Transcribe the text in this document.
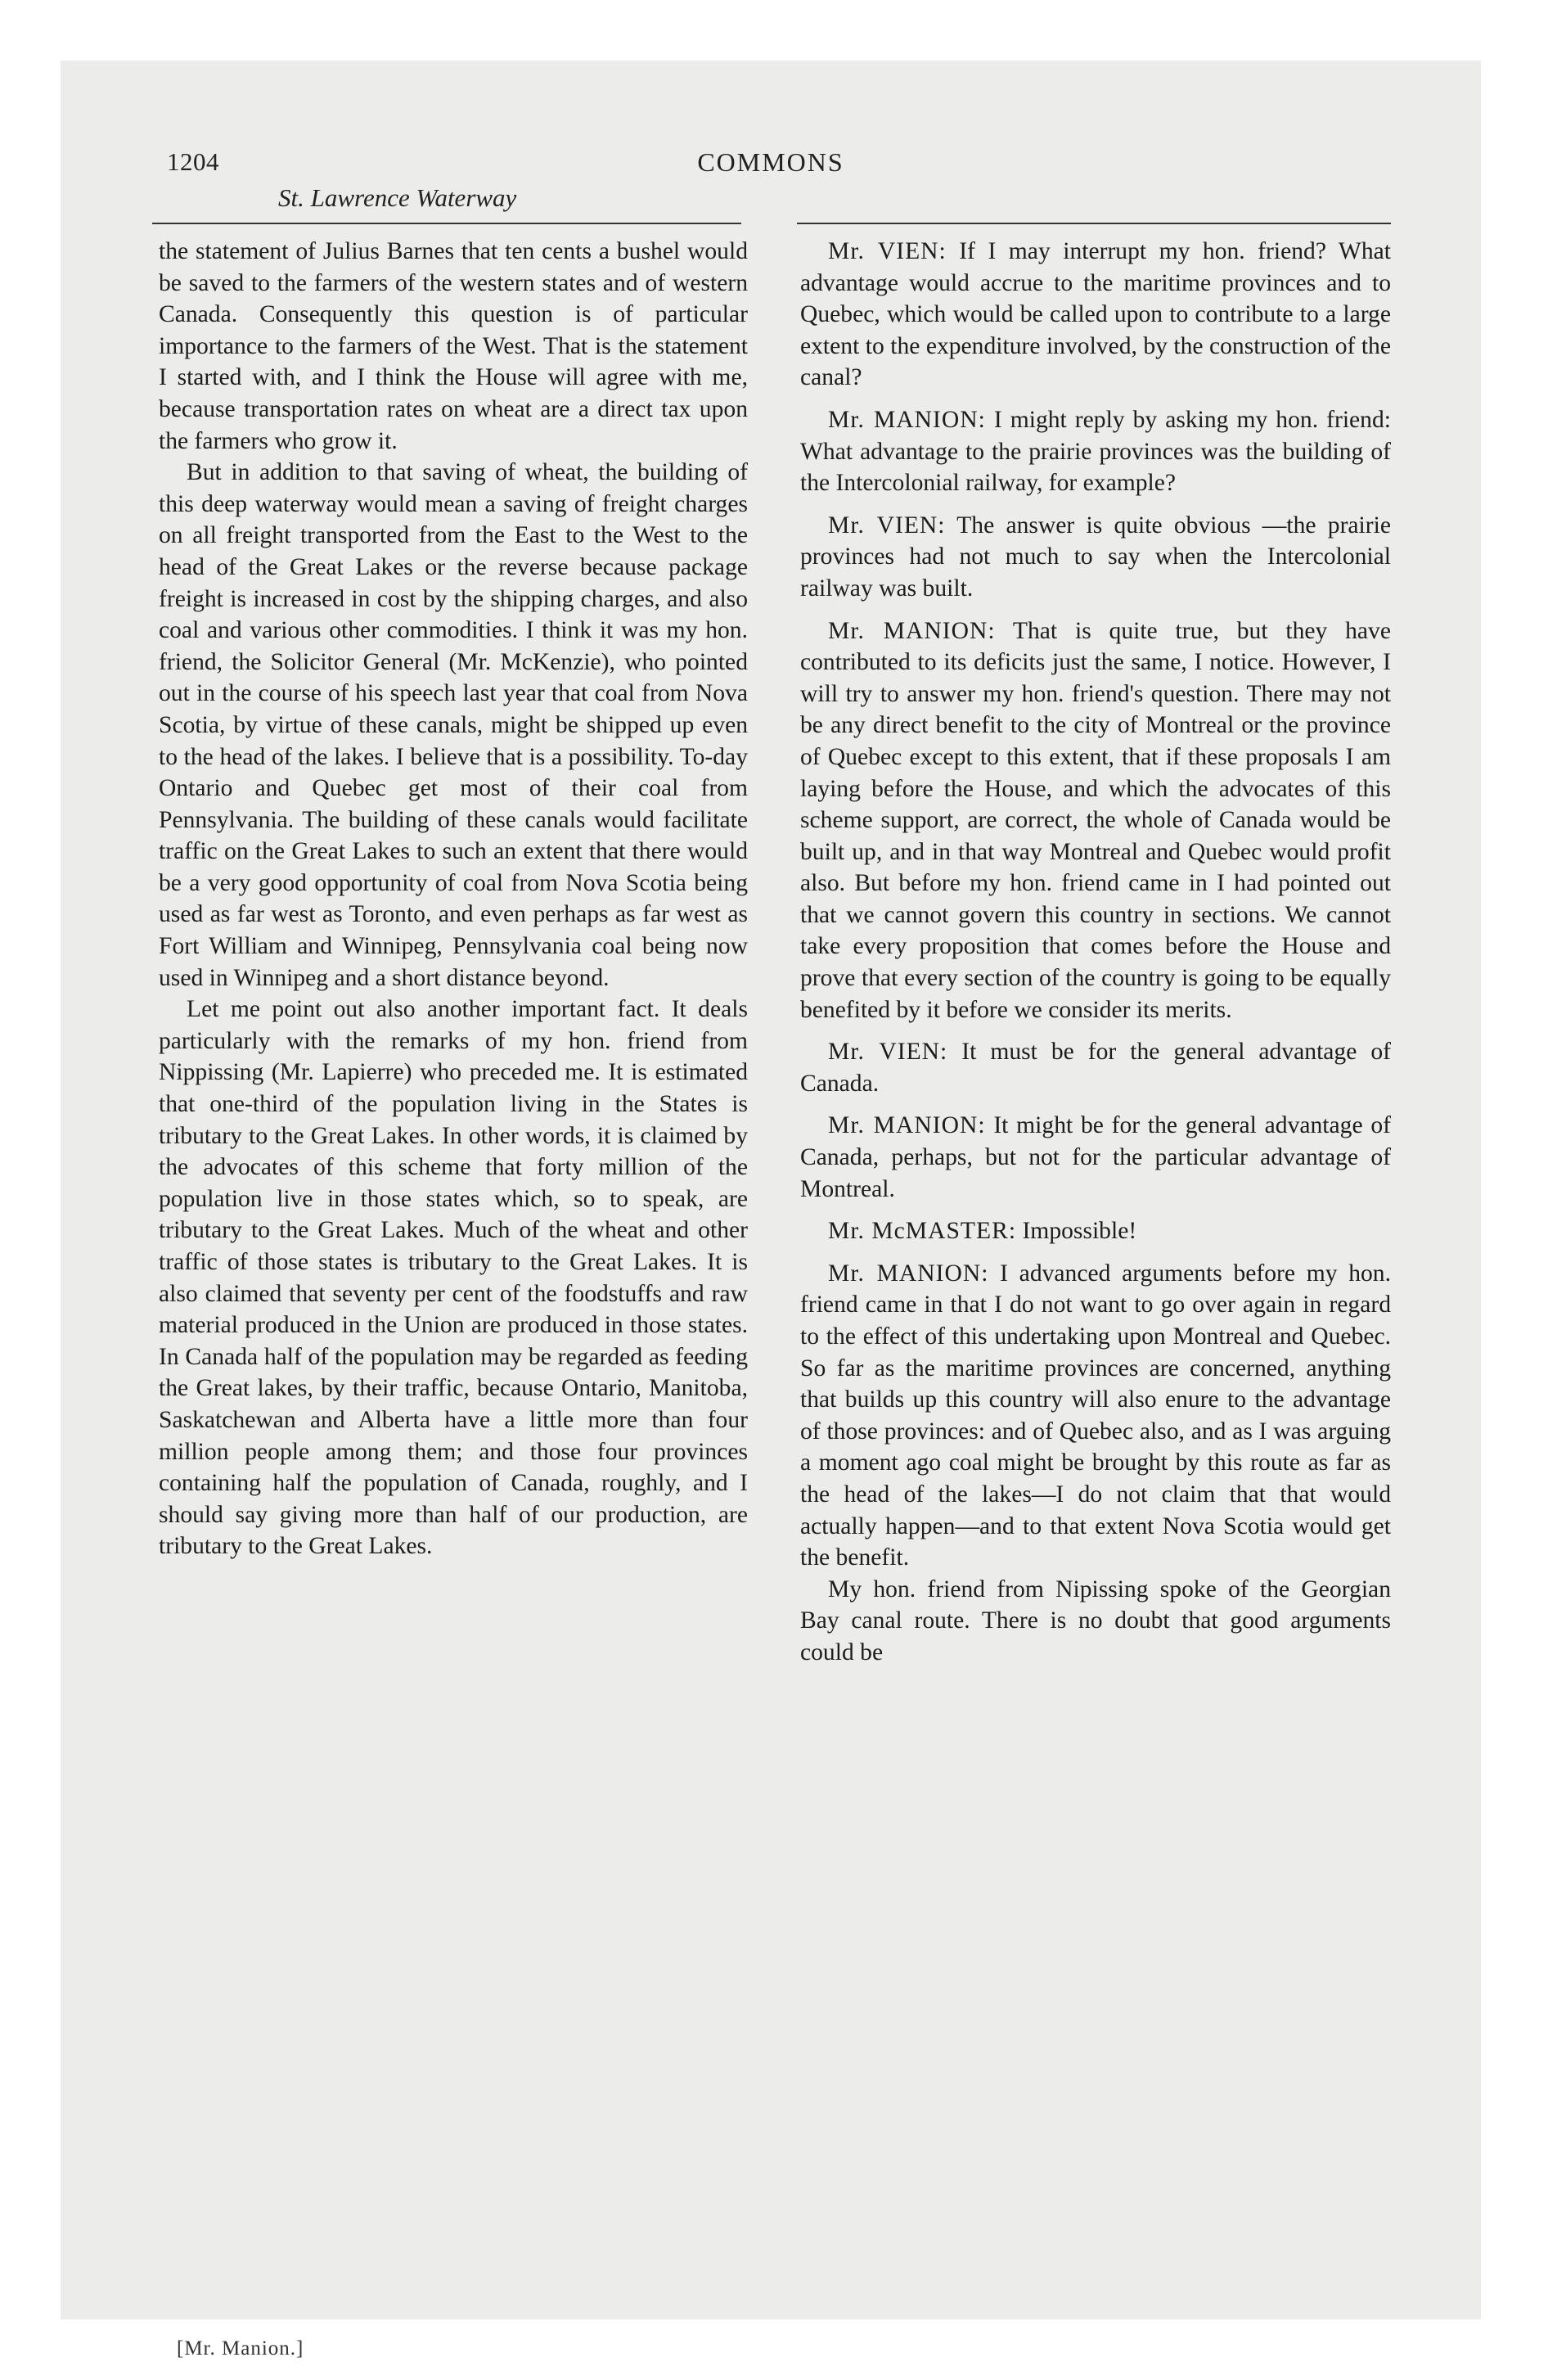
1204	COMMONS
St. Lawrence Waterway

the statement of Julius Barnes that ten cents a bushel would be saved to the farmers of the western states and of western Canada. Consequently this question is of particular importance to the farmers of the West. That is the statement I started with, and I think the House will agree with me, because transportation rates on wheat are a direct tax upon the farmers who grow it.

But in addition to that saving of wheat, the building of this deep waterway would mean a saving of freight charges on all freight transported from the East to the West to the head of the Great Lakes or the reverse because package freight is increased in cost by the shipping charges, and also coal and various other commodities. I think it was my hon. friend, the Solicitor General (Mr. McKenzie), who pointed out in the course of his speech last year that coal from Nova Scotia, by virtue of these canals, might be shipped up even to the head of the lakes. I believe that is a possibility. To-day Ontario and Quebec get most of their coal from Pennsylvania. The building of these canals would facilitate traffic on the Great Lakes to such an extent that there would be a very good opportunity of coal from Nova Scotia being used as far west as Toronto, and even perhaps as far west as Fort William and Winnipeg, Pennsylvania coal being now used in Winnipeg and a short distance beyond.

Let me point out also another important fact. It deals particularly with the remarks of my hon. friend from Nippissing (Mr. Lapierre) who preceded me. It is estimated that one-third of the population living in the States is tributary to the Great Lakes. In other words, it is claimed by the advocates of this scheme that forty million of the population live in those states which, so to speak, are tributary to the Great Lakes. Much of the wheat and other traffic of those states is tributary to the Great Lakes. It is also claimed that seventy per cent of the foodstuffs and raw material produced in the Union are produced in those states. In Canada half of the population may be regarded as feeding the Great lakes, by their traffic, because Ontario, Manitoba, Saskatchewan and Alberta have a little more than four million people among them; and those four provinces containing half the population of Canada, roughly, and I should say giving more than half of our production, are tributary to the Great Lakes.

Mr. VIEN: If I may interrupt my hon. friend? What advantage would accrue to the maritime provinces and to Quebec, which would be called upon to contribute to a large extent to the expenditure involved, by the construction of the canal?

Mr. MANION: I might reply by asking my hon. friend: What advantage to the prairie provinces was the building of the Intercolonial railway, for example?

Mr. VIEN: The answer is quite obvious —the prairie provinces had not much to say when the Intercolonial railway was built.

Mr. MANION: That is quite true, but they have contributed to its deficits just the same, I notice. However, I will try to answer my hon. friend's question. There may not be any direct benefit to the city of Montreal or the province of Quebec except to this extent, that if these proposals I am laying before the House, and which the advocates of this scheme support, are correct, the whole of Canada would be built up, and in that way Montreal and Quebec would profit also. But before my hon. friend came in I had pointed out that we cannot govern this country in sections. We cannot take every proposition that comes before the House and prove that every section of the country is going to be equally benefited by it before we consider its merits.

Mr. VIEN: It must be for the general advantage of Canada.

Mr. MANION: It might be for the general advantage of Canada, perhaps, but not for the particular advantage of Montreal.

Mr. McMASTER: Impossible!

Mr. MANION: I advanced arguments before my hon. friend came in that I do not want to go over again in regard to the effect of this undertaking upon Montreal and Quebec. So far as the maritime provinces are concerned, anything that builds up this country will also enure to the advantage of those provinces: and of Quebec also, and as I was arguing a moment ago coal might be brought by this route as far as the head of the lakes—I do not claim that that would actually happen—and to that extent Nova Scotia would get the benefit.

My hon. friend from Nipissing spoke of the Georgian Bay canal route. There is no doubt that good arguments could be

[Mr. Manion.]
